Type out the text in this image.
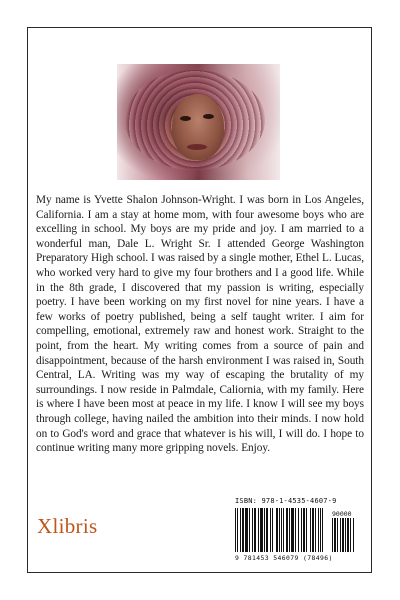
My name is Yvette Shalon Johnson-Wright. I was born in Los Angeles, California. I am a stay at home mom, with four awesome boys who are excelling in school. My boys are my pride and joy. I am married to a wonderful man, Dale L. Wright Sr. I attended George Washington Preparatory High school. I was raised by a single mother, Ethel L. Lucas, who worked very hard to give my four brothers and I a good life. While in the 8th grade, I discovered that my passion is writing, especially poetry. I have been working on my first novel for nine years. I have a few works of poetry published, being a self taught writer. I aim for compelling, emotional, extremely raw and honest work. Straight to the point, from the heart. My writing comes from a source of pain and disappointment, because of the harsh environment I was raised in, South Central, LA. Writing was my way of escaping the brutality of my surroundings. I now reside in Palmdale, Caliornia, with my family. Here is where I have been most at peace in my life. I know I will see my boys through college, having nailed the ambition into their minds. I now hold on to God's word and grace that whatever is his will, I will do. I hope to continue writing many more gripping novels. Enjoy.

Xlibris
ISBN: 978-1-4535-4607-9
90000
9 781453 546079 (78496)
